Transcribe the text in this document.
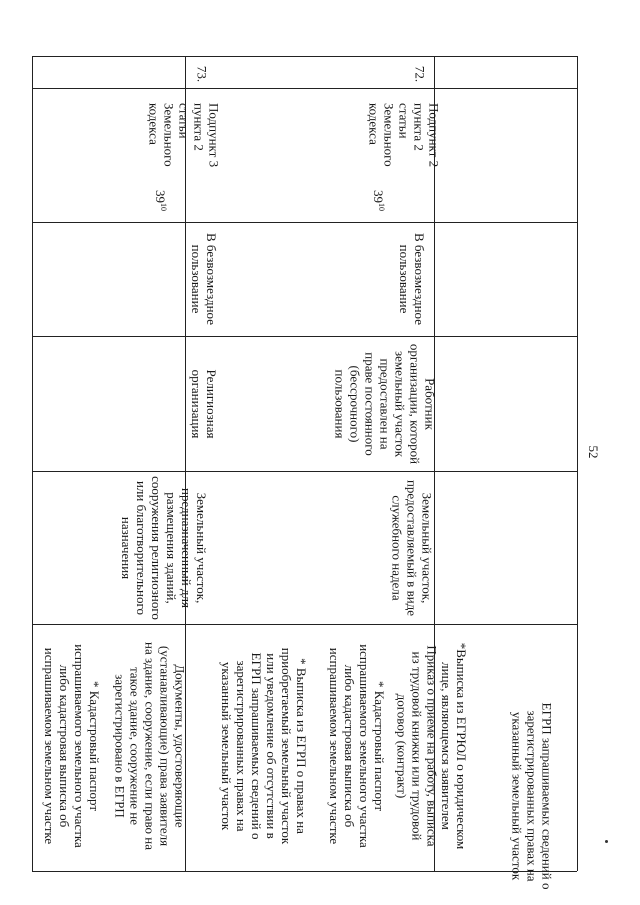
52
ЕГРП запрашиваемых сведений о
зарегистрированных правах на
указанный земельный участок
*Выписка из ЕГРЮЛ о юридическом
лице, являющемся заявителем
72.
Подпункт 2
пункта 2
статьи
Земельного
кодекса
$39^{10}$
В безвозмездное
пользование
Работник
организации, которой
земельный участок
предоставлен на
праве постоянного
(бессрочного)
пользования
Земельный участок,
предоставляемый в виде
служебного надела
Приказ о приеме на работу, выписка
из трудовой книжки или трудовой
договор (контракт)
* Кадастровый паспорт
испрашиваемого земельного участка
либо кадастровая выписка об
испрашиваемом земельном участке
* Выписка из ЕГРП о правах на
приобретаемый земельный участок
или уведомление об отсутствии в
ЕГРП запрашиваемых сведений о
зарегистрированных правах на
указанный земельный участок
73.
Подпункт 3
пункта 2
статьи
Земельного
кодекса
$39^{10}$
В безвозмездное
пользование
Религиозная
организация
Земельный участок,
предназначенный для
размещения зданий,
сооружения религиозного
или благотворительного
назначения
Документы, удостоверяющие
(устанавливающие) права заявителя
на здание, сооружение, если право на
такое здание, сооружение не
зарегистрировано в ЕГРП
* Кадастровый паспорт
испрашиваемого земельного участка
либо кадастровая выписка об
испрашиваемом земельном участке
